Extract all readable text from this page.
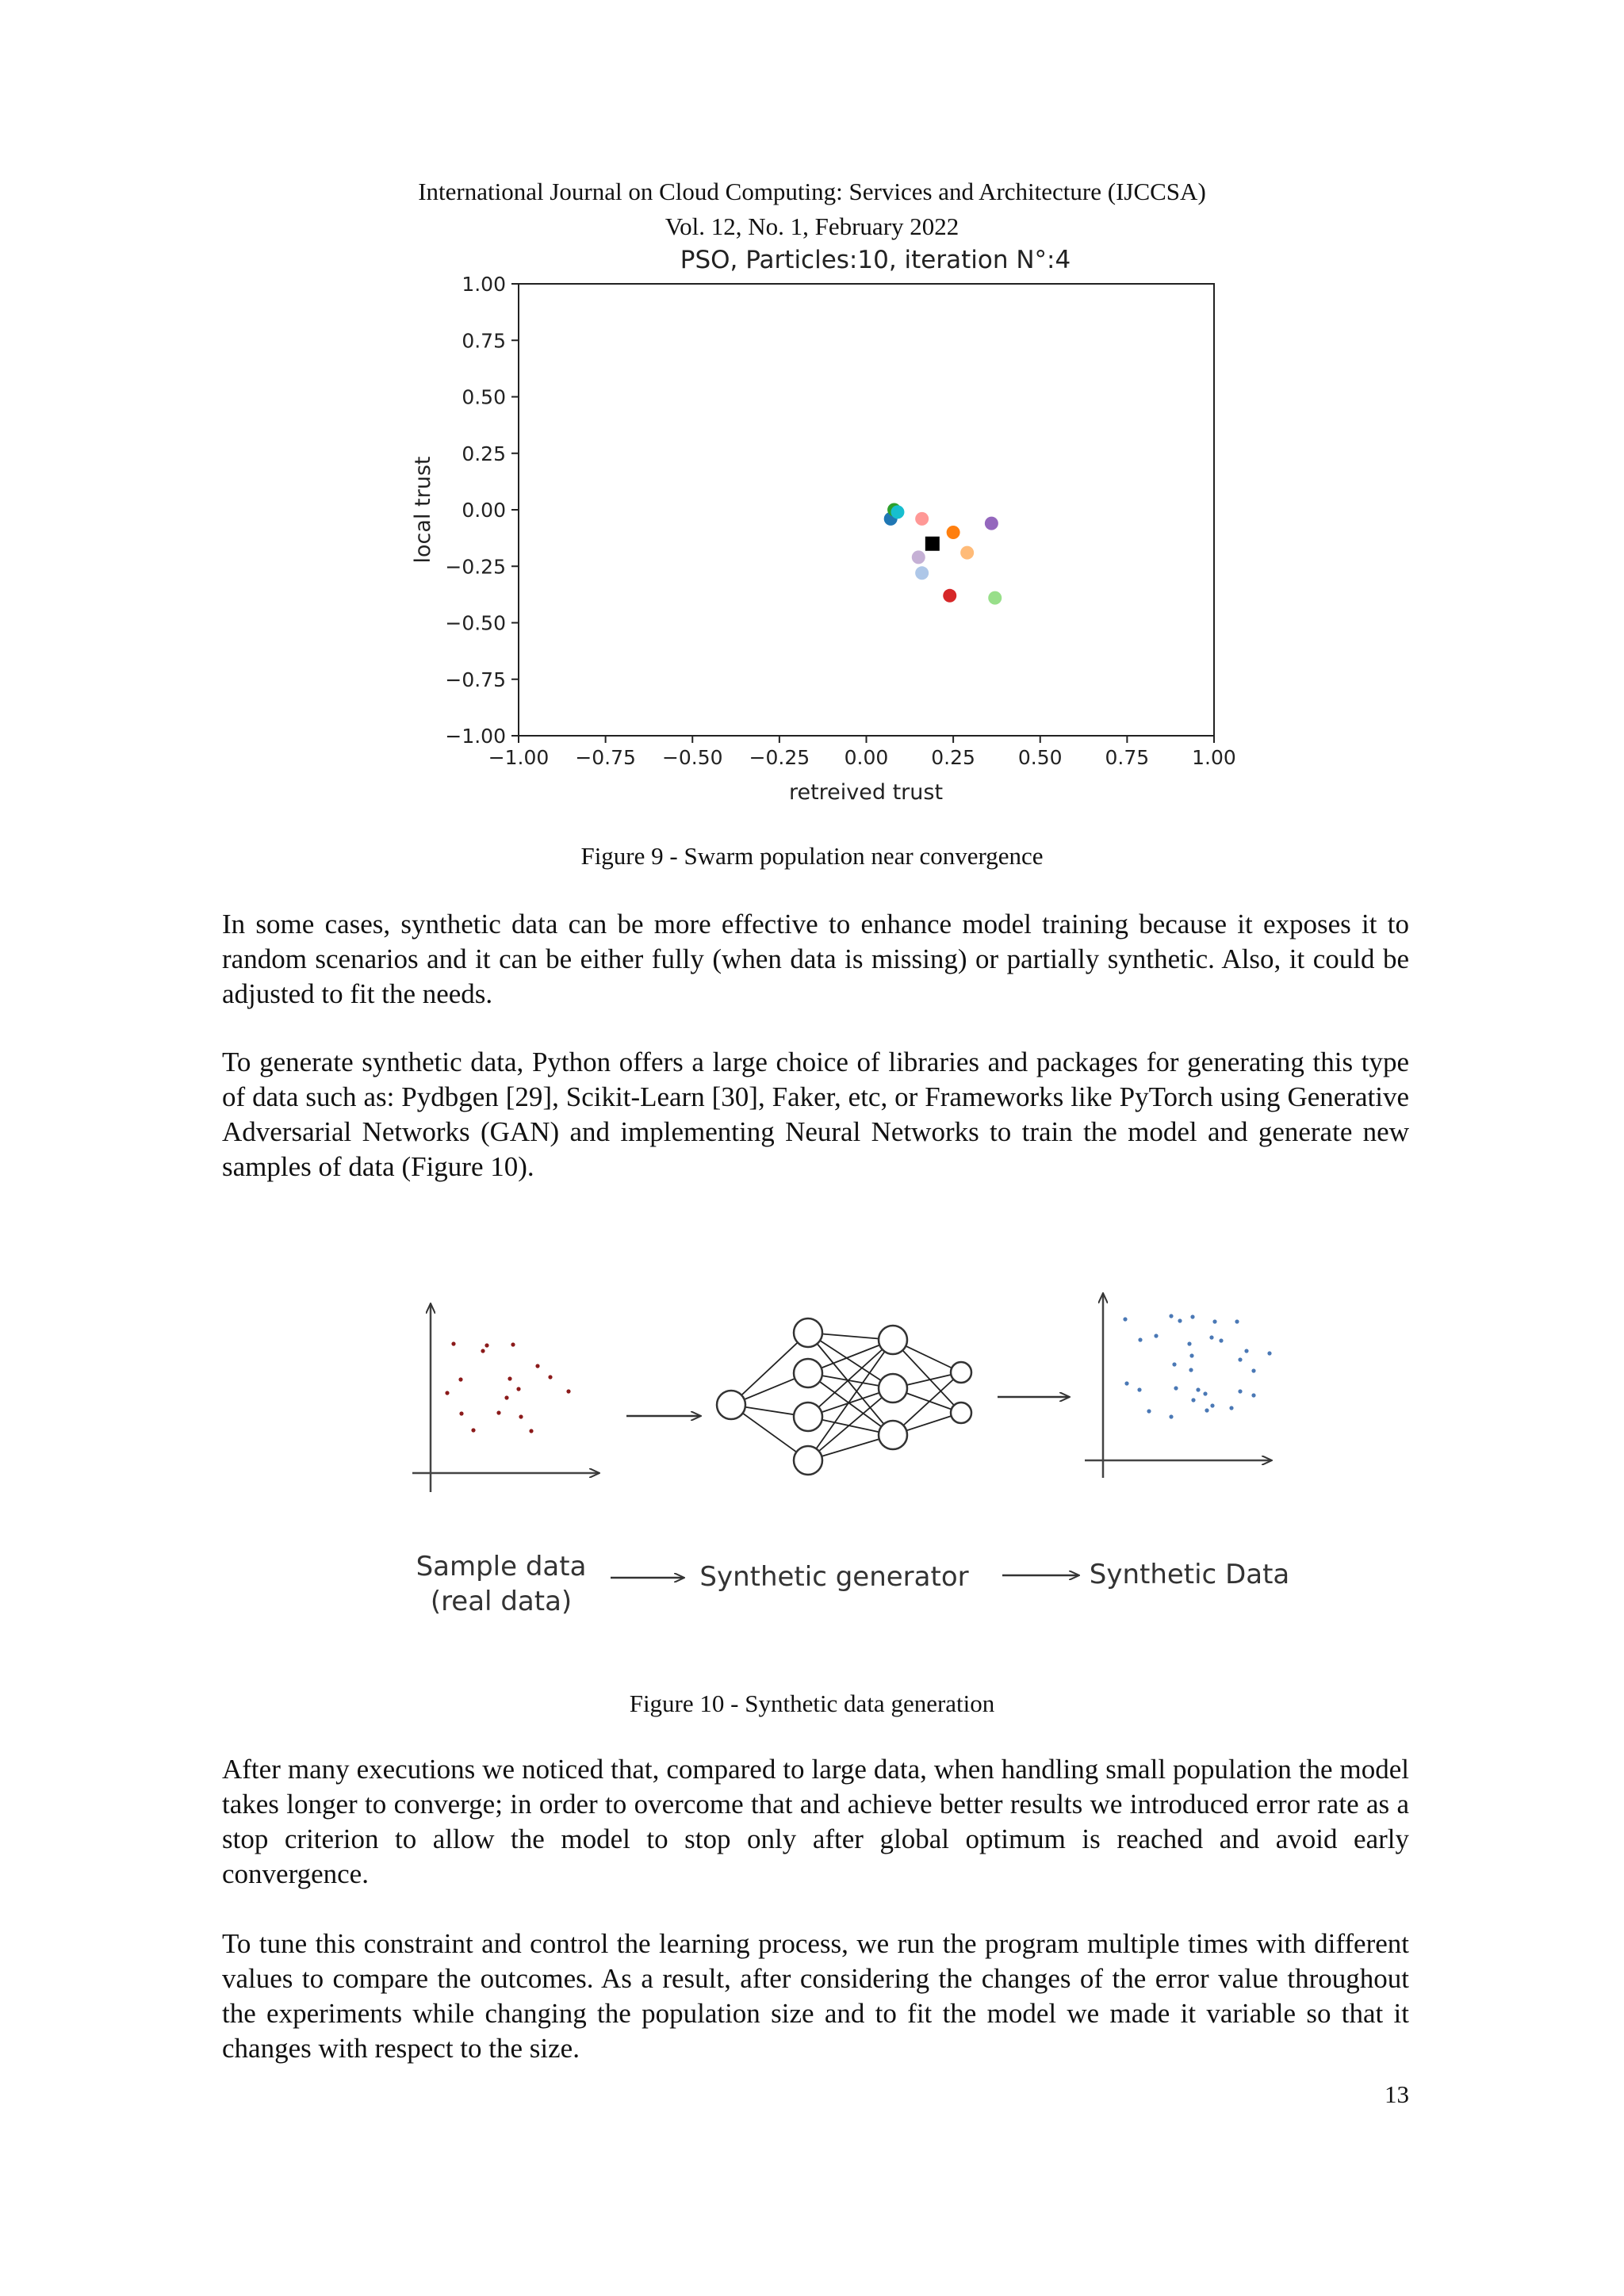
International Journal on Cloud Computing: Services and Architecture (IJCCSA)
Vol. 12, No. 1, February 2022
PSO, Particles:10, iteration N°:4
−1.00 −0.75 −0.50 −0.25 0.00 0.25 0.50 0.75 1.00
1.00
0.75
0.50
0.25
0.00
−0.25
−0.50
−0.75
−1.00
retreived trust
local trust
Figure 9 - Swarm population near convergence

In some cases, synthetic data can be more effective to enhance model training because it exposes it to random scenarios and it can be either fully (when data is missing) or partially synthetic. Also, it could be adjusted to fit the needs.

To generate synthetic data, Python offers a large choice of libraries and packages for generating this type of data such as: Pydbgen [29], Scikit-Learn [30], Faker, etc, or Frameworks like PyTorch using Generative Adversarial Networks (GAN) and implementing Neural Networks to train the model and generate new samples of data (Figure 10).

Sample data
(real data)
Synthetic generator	Synthetic Data
Figure 10 - Synthetic data generation

After many executions we noticed that, compared to large data, when handling small population the model takes longer to converge; in order to overcome that and achieve better results we introduced error rate as a stop criterion to allow the model to stop only after global optimum is reached and avoid early convergence.

To tune this constraint and control the learning process, we run the program multiple times with different values to compare the outcomes. As a result, after considering the changes of the error value throughout the experiments while changing the population size and to fit the model we made it variable so that it changes with respect to the size.

13
